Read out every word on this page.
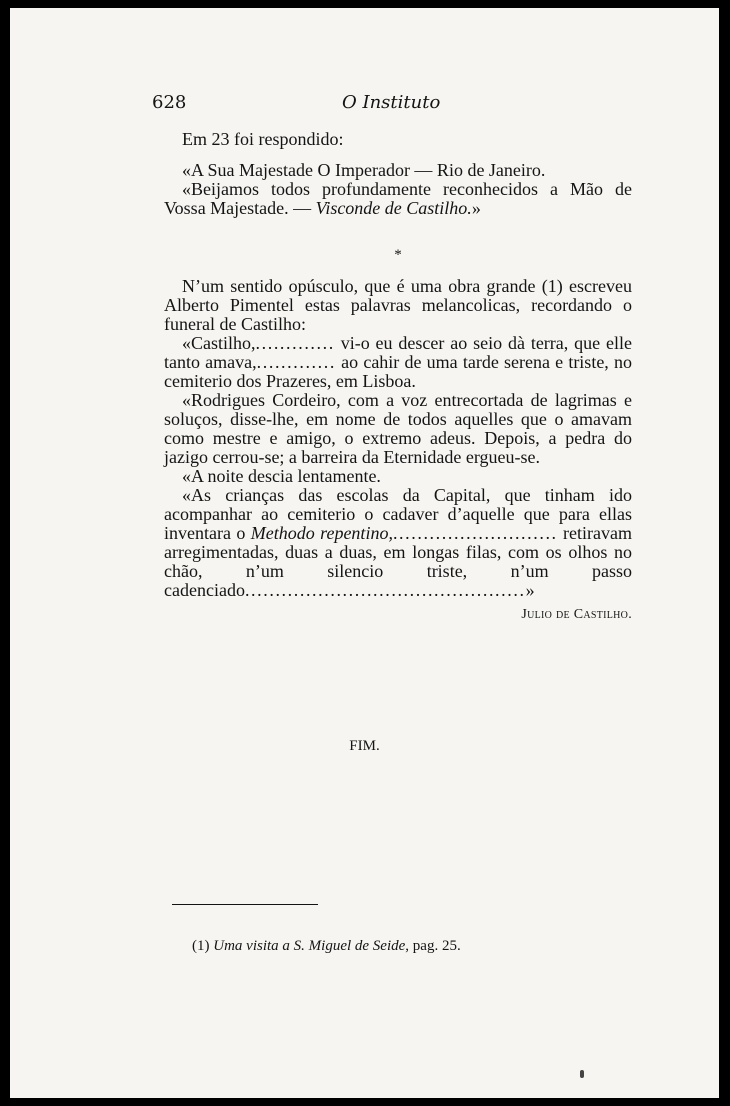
628	O Instituto

Em 23 foi respondido:

«A Sua Majestade O Imperador — Rio de Janeiro.

«Beijamos todos profundamente reconhecidos a Mão de Vossa Majestade. — Visconde de Castilho.»

*

N’um sentido opúsculo, que é uma obra grande (1) escreveu Alberto Pimentel estas palavras melancolicas, recordando o funeral de Castilho:

«Castilho,............. vi-o eu descer ao seio dà terra, que elle tanto amava,............. ao cahir de uma tarde serena e triste, no cemiterio dos Prazeres, em Lisboa.

«Rodrigues Cordeiro, com a voz entrecortada de lagrimas e soluços, disse-lhe, em nome de todos aquelles que o amavam como mestre e amigo, o extremo adeus. Depois, a pedra do jazigo cerrou-se; a barreira da Eternidade ergueu-se.

«A noite descia lentamente.

«As crianças das escolas da Capital, que tinham ido acompanhar ao cemiterio o cadaver d’aquelle que para ellas inventara o Methodo repentino,........................... retiravam arregimentadas, duas a duas, em longas filas, com os olhos no chão, n’um silencio triste, n’um passo cadenciado..............................................»

Julio de Castilho.

FIM.
(1) Uma visita a S. Miguel de Seide, pag. 25.
